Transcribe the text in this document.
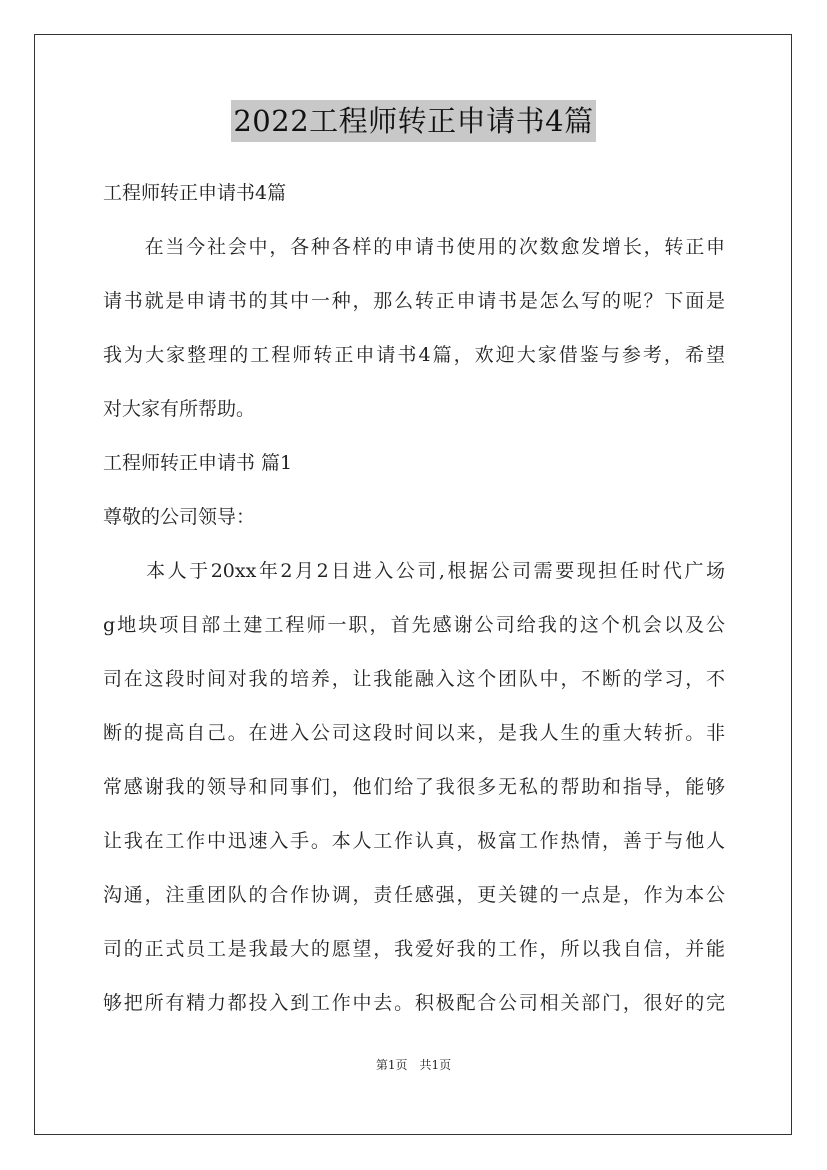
2022工程师转正申请书4篇
工程师转正申请书4篇
　　在当今社会中，各种各样的申请书使用的次数愈发增长，转正申
请书就是申请书的其中一种，那么转正申请书是怎么写的呢？下面是
我为大家整理的工程师转正申请书4篇，欢迎大家借鉴与参考，希望
对大家有所帮助。
工程师转正申请书 篇1
尊敬的公司领导：
　　本人于20xx年2月2日进入公司,根据公司需要现担任时代广场
g地块项目部土建工程师一职，首先感谢公司给我的这个机会以及公
司在这段时间对我的培养，让我能融入这个团队中，不断的学习，不
断的提高自己。在进入公司这段时间以来，是我人生的重大转折。非
常感谢我的领导和同事们，他们给了我很多无私的帮助和指导，能够
让我在工作中迅速入手。本人工作认真，极富工作热情，善于与他人
沟通，注重团队的合作协调，责任感强，更关键的一点是，作为本公
司的正式员工是我最大的愿望，我爱好我的工作，所以我自信，并能
够把所有精力都投入到工作中去。积极配合公司相关部门，很好的完
第1页　共1页
